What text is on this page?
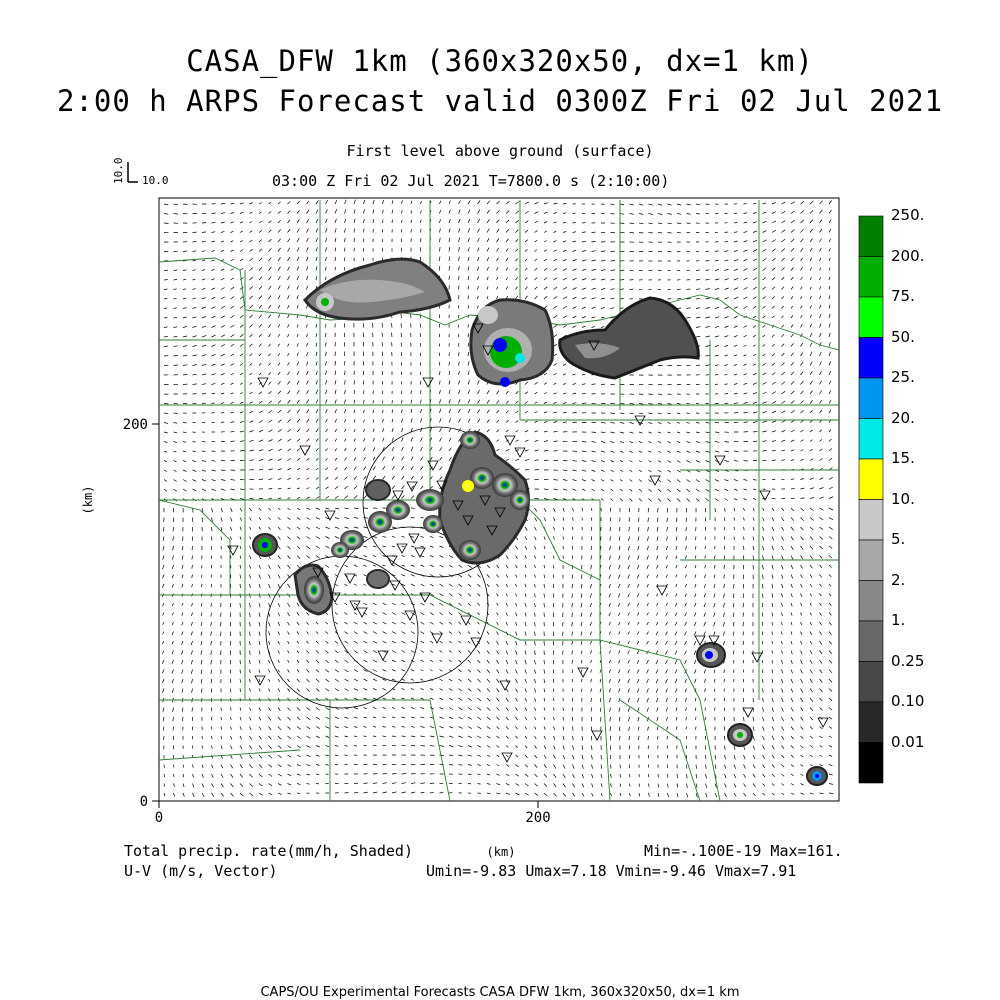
0	200
0
200
(km)
(km)
CASA_DFW 1km (360x320x50, dx=1 km)
2:00 h ARPS Forecast valid 0300Z Fri 02 Jul 2021
First level above ground (surface)
03:00 Z Fri 02 Jul 2021 T=7800.0 s (2:10:00)
10.0 10.0
250.
200.
75.
50.
25.
20.
15.
10.
5.
2.
1.
0.25
0.10
0.01
Total precip. rate(mm/h, Shaded)
U-V (m/s, Vector)
Min=-.100E-19 Max=161.
Umin=-9.83 Umax=7.18 Vmin=-9.46 Vmax=7.91
CAPS/OU Experimental Forecasts CASA DFW 1km, 360x320x50, dx=1 km
